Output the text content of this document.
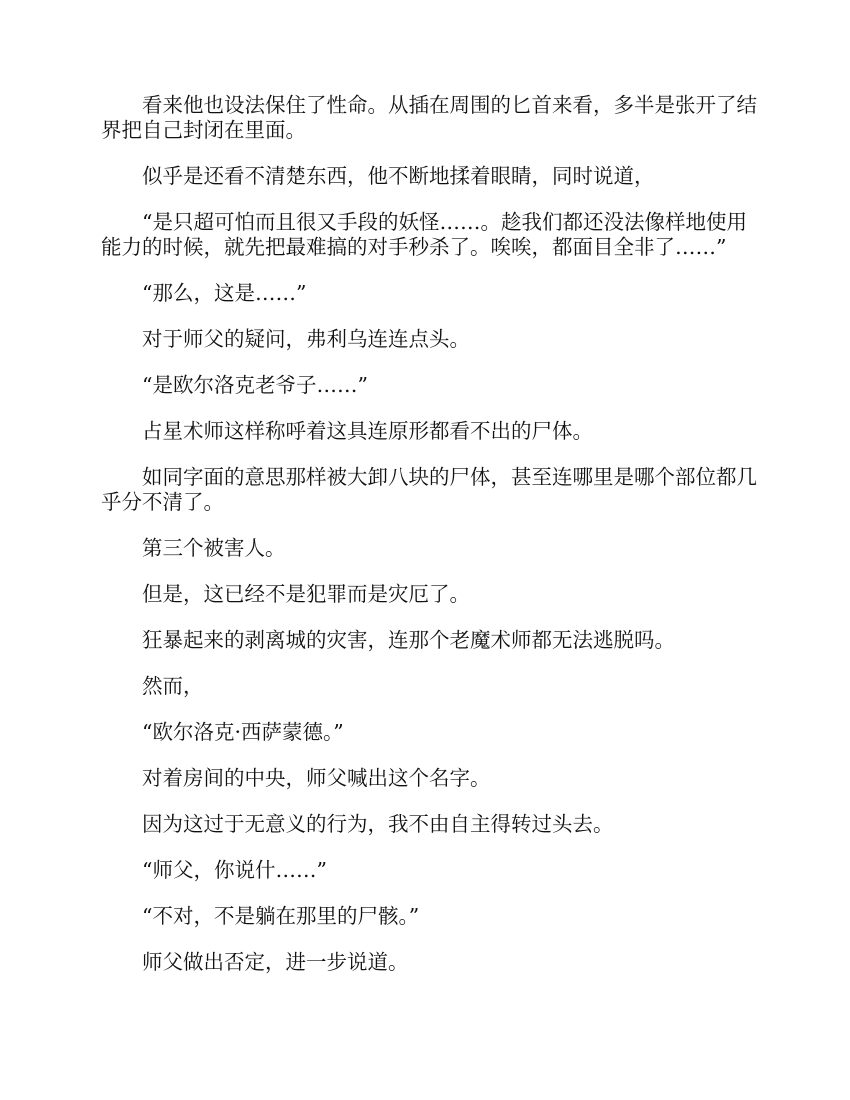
看来他也设法保住了性命。从插在周围的匕首来看，多半是张开了结界把自己封闭在里面。

似乎是还看不清楚东西，他不断地揉着眼睛，同时说道，

“是只超可怕而且很又手段的妖怪……。趁我们都还没法像样地使用能力的时候，就先把最难搞的对手秒杀了。唉唉，都面目全非了……”

“那么，这是……”

对于师父的疑问，弗利乌连连点头。

“是欧尔洛克老爷子……”

占星术师这样称呼着这具连原形都看不出的尸体。

如同字面的意思那样被大卸八块的尸体，甚至连哪里是哪个部位都几乎分不清了。

第三个被害人。

但是，这已经不是犯罪而是灾厄了。

狂暴起来的剥离城的灾害，连那个老魔术师都无法逃脱吗。

然而，

“欧尔洛克·西萨蒙德。”

对着房间的中央，师父喊出这个名字。

因为这过于无意义的行为，我不由自主得转过头去。

“师父，你说什……”

“不对，不是躺在那里的尸骸。”

师父做出否定，进一步说道。
